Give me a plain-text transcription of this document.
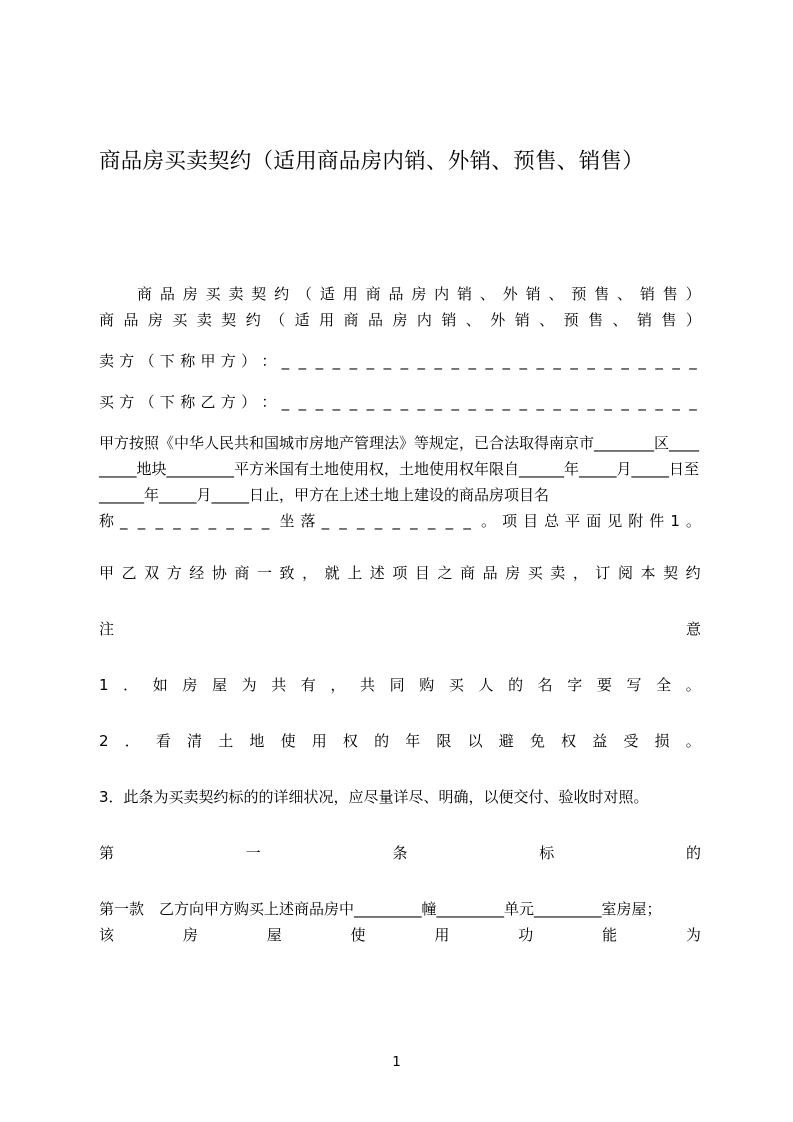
商品房买卖契约（适用商品房内销、外销、预售、销售）
商 品 房 买 卖 契 约 （ 适 用 商 品 房 内 销 、 外 销 、 预 售 、 销 售 ）
商 品 房 买 卖 契 约 （ 适 用 商 品 房 内 销 、 外 销 、 预 售 、 销 售 ）
卖 方 （ 下 称 甲 方 ） ： _ _ _ _ _ _ _ _ _ _ _ _ _ _ _ _ _ _ _ _ _ _ _ _ _
买 方 （ 下 称 乙 方 ） ： _ _ _ _ _ _ _ _ _ _ _ _ _ _ _ _ _ _ _ _ _ _ _ _ _
甲方按照《中华人民共和国城市房地产管理法》等规定，已合法取得南京市________区_________地块_________平方米国有土地使用权，土地使用权年限自______年_____月_____日至______年_____月_____日止，甲方在上述土地上建设的商品房项目名
称 _ _ _ _ _ _ _ _ _ 坐 落 _ _ _ _ _ _ _ _ _ 。 项 目 总 平 面 见 附 件 1 。
甲 乙 双 方 经 协 商 一 致 ， 就 上 述 项 目 之 商 品 房 买 卖 ， 订 阅 本 契 约
注	意
1 ． 如 房 屋 为 共 有 ， 共 同 购 买 人 的 名 字 要 写 全 。
2 ． 看 清 土 地 使 用 权 的 年 限 以 避 免 权 益 受 损 。
3．此条为买卖契约标的的详细状况，应尽量详尽、明确，以便交付、验收时对照。
第	一	条	标	的
第一款　乙方向甲方购买上述商品房中_________幢_________单元_________室房屋；
该	房	屋	使	用	功	能	为
1
